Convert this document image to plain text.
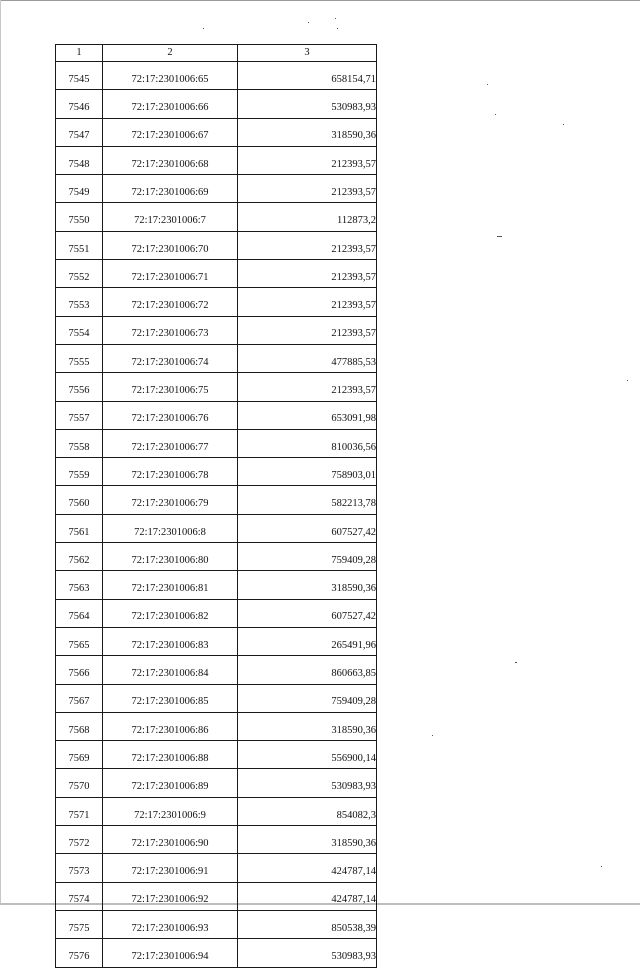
1	2	3
7545	72:17:2301006:65	658154,71
7546	72:17:2301006:66	530983,93
7547	72:17:2301006:67	318590,36
7548	72:17:2301006:68	212393,57
7549	72:17:2301006:69	212393,57
7550	72:17:2301006:7	112873,2
7551	72:17:2301006:70	212393,57
7552	72:17:2301006:71	212393,57
7553	72:17:2301006:72	212393,57
7554	72:17:2301006:73	212393,57
7555	72:17:2301006:74	477885,53
7556	72:17:2301006:75	212393,57
7557	72:17:2301006:76	653091,98
7558	72:17:2301006:77	810036,56
7559	72:17:2301006:78	758903,01
7560	72:17:2301006:79	582213,78
7561	72:17:2301006:8	607527,42
7562	72:17:2301006:80	759409,28
7563	72:17:2301006:81	318590,36
7564	72:17:2301006:82	607527,42
7565	72:17:2301006:83	265491,96
7566	72:17:2301006:84	860663,85
7567	72:17:2301006:85	759409,28
7568	72:17:2301006:86	318590,36
7569	72:17:2301006:88	556900,14
7570	72:17:2301006:89	530983,93
7571	72:17:2301006:9	854082,3
7572	72:17:2301006:90	318590,36
7573	72:17:2301006:91	424787,14
7574	72:17:2301006:92	424787,14
7575	72:17:2301006:93	850538,39
7576	72:17:2301006:94	530983,93
